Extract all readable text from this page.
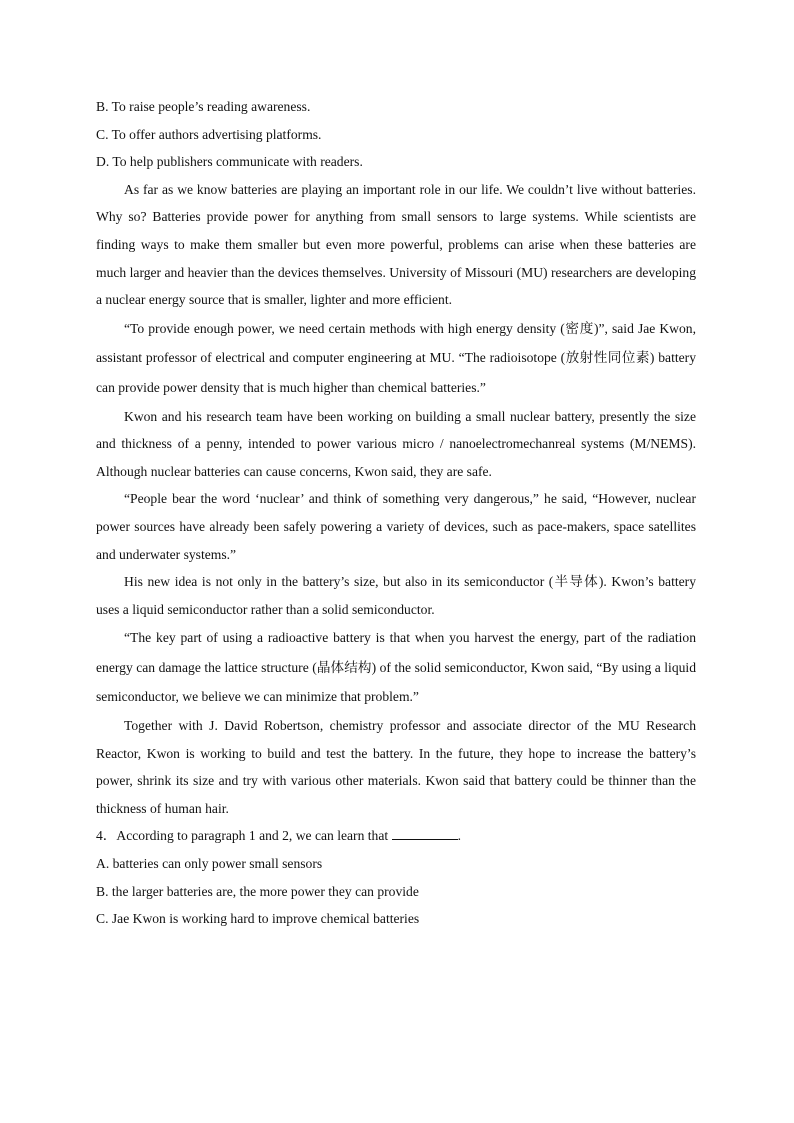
B. To raise people’s reading awareness.

C. To offer authors advertising platforms.

D. To help publishers communicate with readers.

As far as we know batteries are playing an important role in our life. We couldn’t live without batteries. Why so? Batteries provide power for anything from small sensors to large systems. While scientists are finding ways to make them smaller but even more powerful, problems can arise when these batteries are much larger and heavier than the devices themselves. University of Missouri (MU) researchers are developing a nuclear energy source that is smaller, lighter and more efficient.

“To provide enough power, we need certain methods with high energy density (密度)”, said Jae Kwon, assistant professor of electrical and computer engineering at MU. “The radioisotope (放射性同位素) battery can provide power density that is much higher than chemical batteries.”

Kwon and his research team have been working on building a small nuclear battery, presently the size and thickness of a penny, intended to power various micro / nanoelectromechanreal systems (M/NEMS). Although nuclear batteries can cause concerns, Kwon said, they are safe.

“People bear the word ‘nuclear’ and think of something very dangerous,” he said, “However, nuclear power sources have already been safely powering a variety of devices, such as pace-makers, space satellites and underwater systems.”

His new idea is not only in the battery’s size, but also in its semiconductor (半导体). Kwon’s battery uses a liquid semiconductor rather than a solid semiconductor.

“The key part of using a radioactive battery is that when you harvest the energy, part of the radiation energy can damage the lattice structure (晶体结构) of the solid semiconductor, Kwon said, “By using a liquid semiconductor, we believe we can minimize that problem.”

Together with J. David Robertson, chemistry professor and associate director of the MU Research Reactor, Kwon is working to build and test the battery. In the future, they hope to increase the battery’s power, shrink its size and try with various other materials. Kwon said that battery could be thinner than the thickness of human hair.

4．According to paragraph 1 and 2, we can learn that	.

A. batteries can only power small sensors

B. the larger batteries are, the more power they can provide

C. Jae Kwon is working hard to improve chemical batteries
